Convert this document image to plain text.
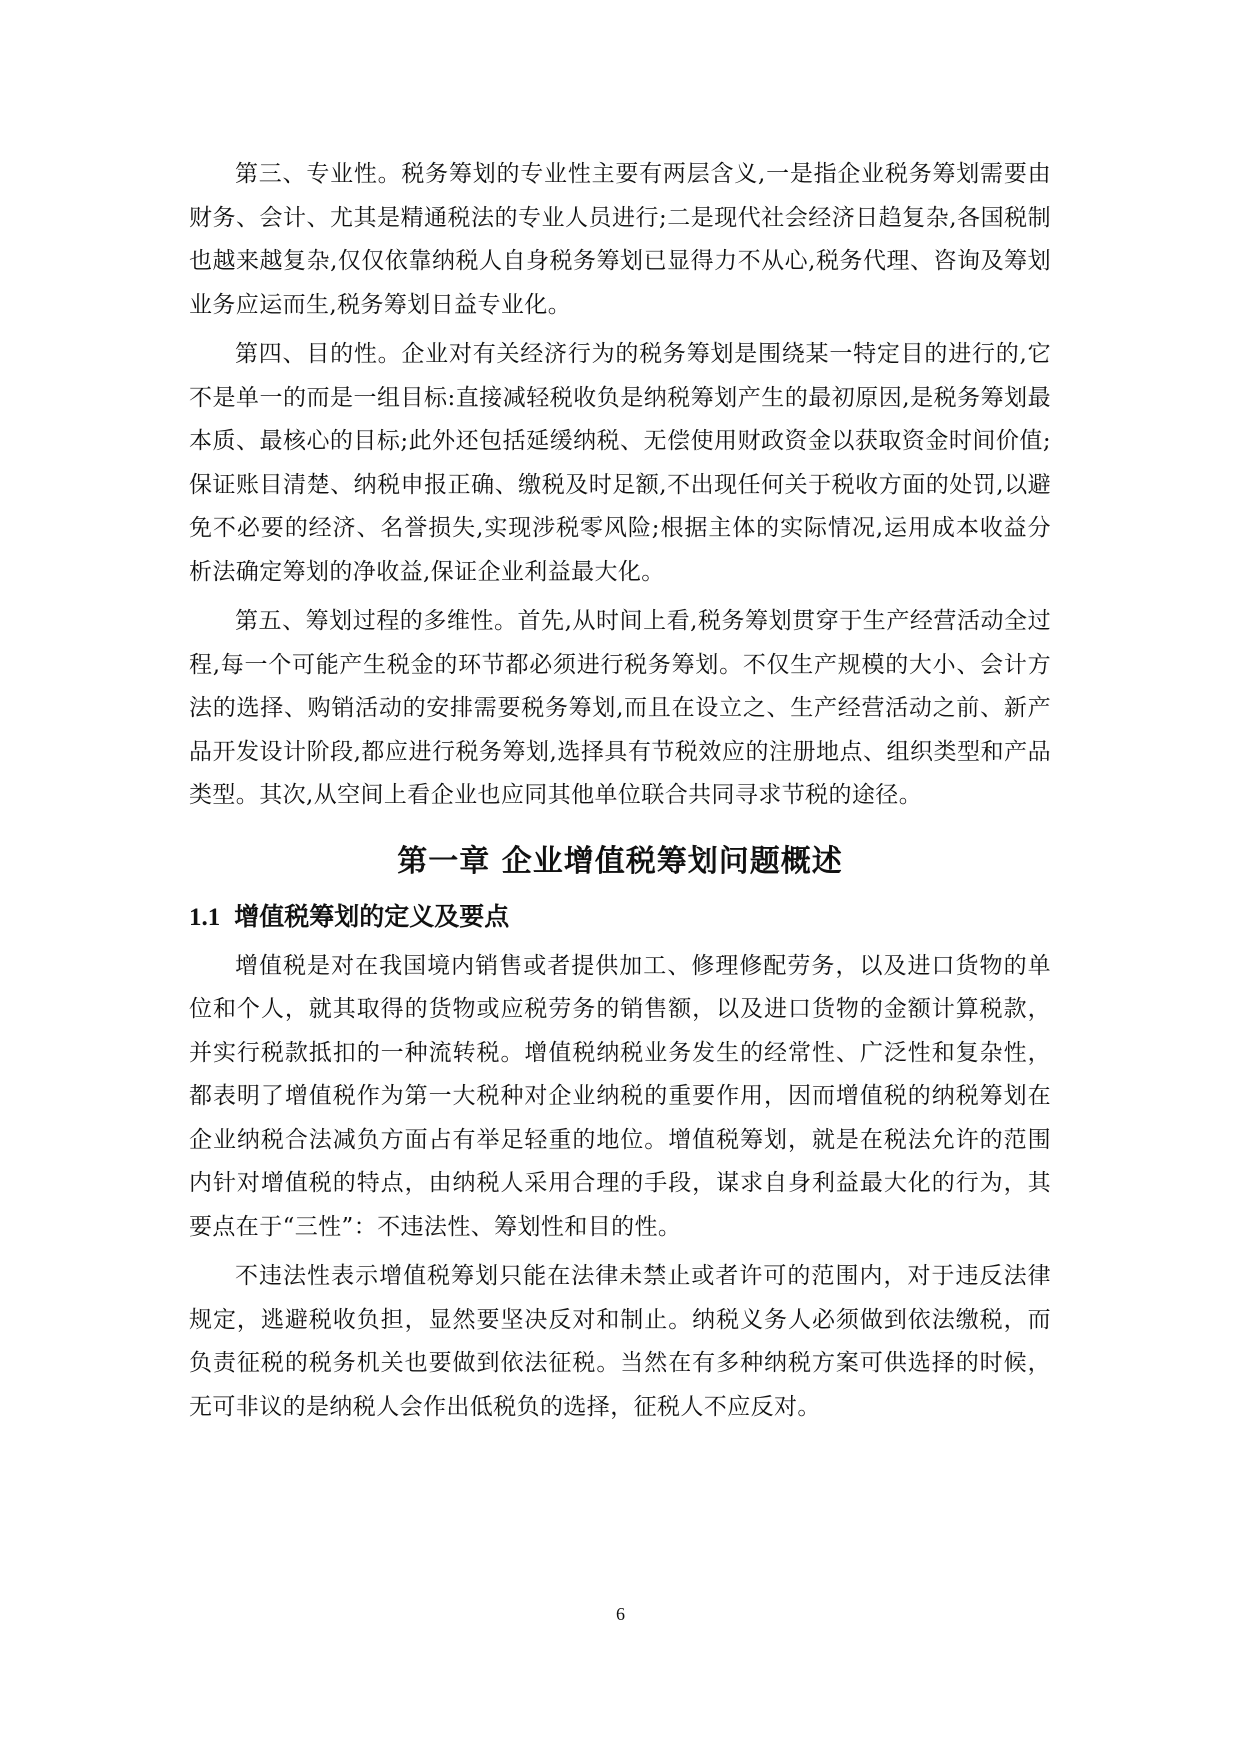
第三、专业性。税务筹划的专业性主要有两层含义,一是指企业税务筹划需要由财务、会计、尤其是精通税法的专业人员进行;二是现代社会经济日趋复杂,各国税制也越来越复杂,仅仅依靠纳税人自身税务筹划已显得力不从心,税务代理、咨询及筹划业务应运而生,税务筹划日益专业化。

第四、目的性。企业对有关经济行为的税务筹划是围绕某一特定目的进行的,它不是单一的而是一组目标:直接减轻税收负是纳税筹划产生的最初原因,是税务筹划最本质、最核心的目标;此外还包括延缓纳税、无偿使用财政资金以获取资金时间价值;保证账目清楚、纳税申报正确、缴税及时足额,不出现任何关于税收方面的处罚,以避免不必要的经济、名誉损失,实现涉税零风险;根据主体的实际情况,运用成本收益分析法确定筹划的净收益,保证企业利益最大化。

第五、筹划过程的多维性。首先,从时间上看,税务筹划贯穿于生产经营活动全过程,每一个可能产生税金的环节都必须进行税务筹划。不仅生产规模的大小、会计方法的选择、购销活动的安排需要税务筹划,而且在设立之、生产经营活动之前、新产品开发设计阶段,都应进行税务筹划,选择具有节税效应的注册地点、组织类型和产品类型。其次,从空间上看企业也应同其他单位联合共同寻求节税的途径。

第一章 企业增值税筹划问题概述
1.1 增值税筹划的定义及要点

增值税是对在我国境内销售或者提供加工、修理修配劳务，以及进口货物的单位和个人，就其取得的货物或应税劳务的销售额，以及进口货物的金额计算税款，并实行税款抵扣的一种流转税。增值税纳税业务发生的经常性、广泛性和复杂性，都表明了增值税作为第一大税种对企业纳税的重要作用，因而增值税的纳税筹划在企业纳税合法减负方面占有举足轻重的地位。增值税筹划，就是在税法允许的范围内针对增值税的特点，由纳税人采用合理的手段，谋求自身利益最大化的行为，其要点在于“三性”：不违法性、筹划性和目的性。

不违法性表示增值税筹划只能在法律未禁止或者许可的范围内，对于违反法律规定，逃避税收负担，显然要坚决反对和制止。纳税义务人必须做到依法缴税，而负责征税的税务机关也要做到依法征税。当然在有多种纳税方案可供选择的时候，无可非议的是纳税人会作出低税负的选择，征税人不应反对。

6
